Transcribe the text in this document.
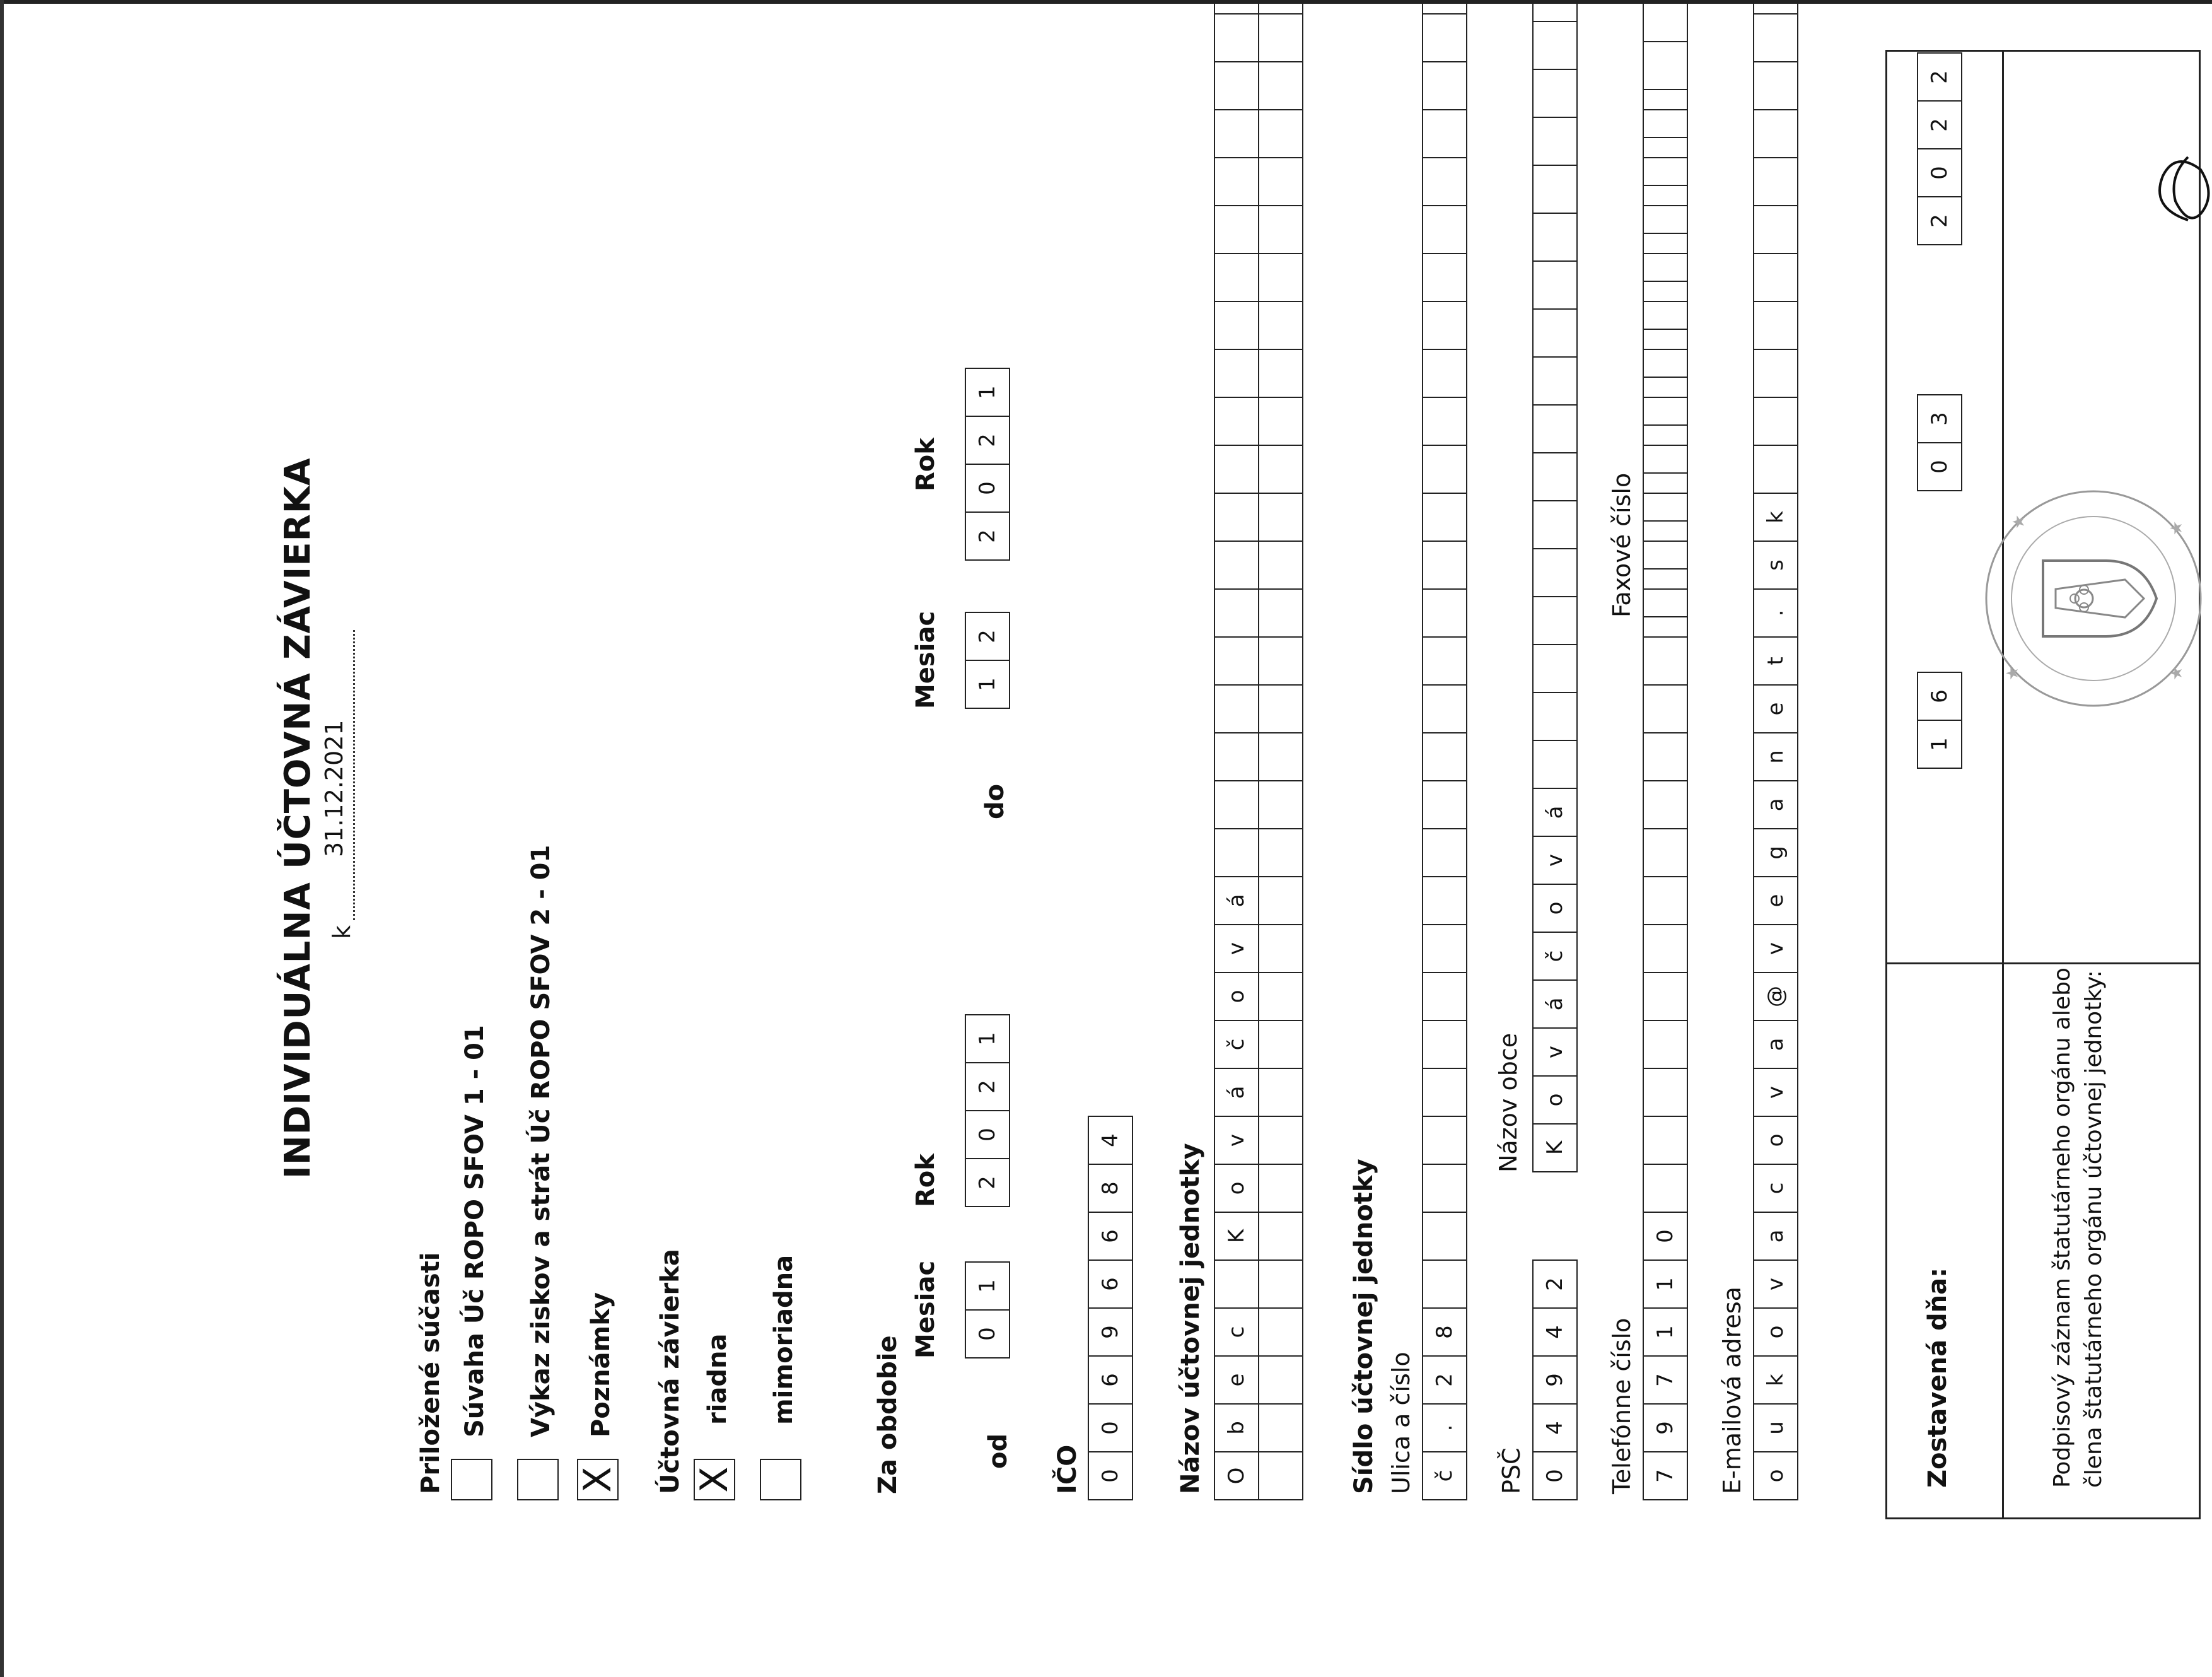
INDIVIDUÁLNA ÚČTOVNÁ ZÁVIERKA k
31.12.2021
Priložené súčasti Súvaha Úč ROPO SFOV 1 - 01 Výkaz ziskov a strát Úč ROPO SFOV 2 - 01
X
Poznámky Účtovná závierka X
riadna mimoriadna	Za obdobie
Mesiac
Rok
Mesiac
Rok
od
do
0
1
2
0
2
1
1
2
2
0
2
1
IČO 0
0
6
9
6
6
8
4
Názov účtovnej jednotky O
b
e
c
K
o
v
á
č
o
v
á
Sídlo účtovnej jednotky Ulica a číslo č
.
2
8
PSČ 0
4
9
4
2
Názov obce K
o
v
á
č
o
v
á
Telefónne číslo 7
9
7
1
1
0
Faxové číslo
E-mailová adresa o
u
k
o
v
a
c
o
v
a
@
v
e
g
a
n
e
t
.
s
k
Zostavená dňa:
1
6
0
3
2
0
2
2
Podpisový záznam štatutárneho orgánu alebo člena štatutárneho orgánu účtovnej jednotky:
★
★	★
★
